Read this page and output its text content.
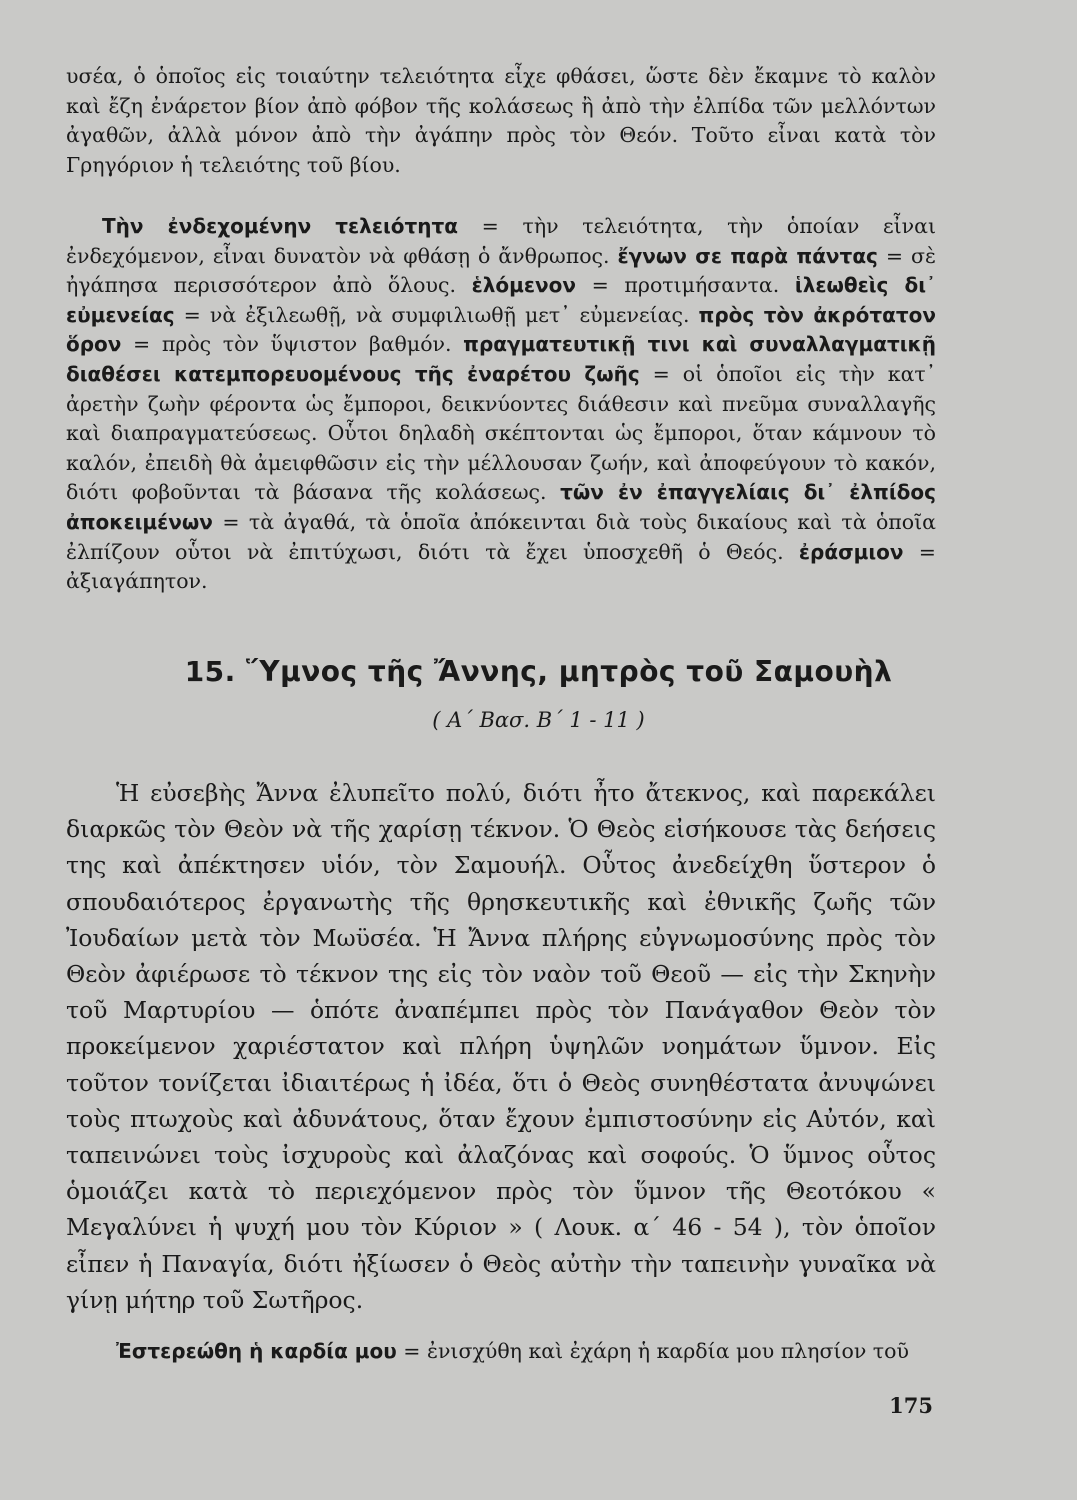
υσέα, ὁ ὁποῖος εἰς τοιαύτην τελειότητα εἶχε φθάσει, ὥστε δὲν ἔκαμνε τὸ καλὸν καὶ ἔζη ἐνάρετον βίον ἀπὸ φόβον τῆς κολάσεως ἢ ἀπὸ τὴν ἐλπίδα τῶν μελλόντων ἀγαθῶν, ἀλλὰ μόνον ἀπὸ τὴν ἀγάπην πρὸς τὸν Θεόν. Τοῦτο εἶναι κατὰ τὸν Γρηγόριον ἡ τελειότης τοῦ βίου.

Τὴν ἐνδεχομένην τελειότητα = τὴν τελειότητα, τὴν ὁποίαν εἶναι ἐνδεχόμενον, εἶναι δυνατὸν νὰ φθάσῃ ὁ ἄνθρωπος. ἔγνων σε παρὰ πάντας = σὲ ἠγάπησα περισσότερον ἀπὸ ὅλους. ἑλόμενον = προτιμήσαντα. ἱλεωθεὶς δι᾿ εὐμενείας = νὰ ἐξιλεωθῇ, νὰ συμφιλιωθῇ μετ᾿ εὐμενείας. πρὸς τὸν ἀκρότατον ὅρον = πρὸς τὸν ὕψιστον βαθμόν. πραγματευτικῇ τινι καὶ συναλλαγματικῇ διαθέσει κατεμπορευομένους τῆς ἐναρέτου ζωῆς = οἱ ὁποῖοι εἰς τὴν κατ᾿ ἀρετὴν ζωὴν φέροντα ὡς ἔμποροι, δεικνύοντες διάθεσιν καὶ πνεῦμα συναλλαγῆς καὶ διαπραγματεύσεως. Οὗτοι δηλαδὴ σκέπτονται ὡς ἔμποροι, ὅταν κάμνουν τὸ καλόν, ἐπειδὴ θὰ ἀμειφθῶσιν εἰς τὴν μέλλουσαν ζωήν, καὶ ἀποφεύγουν τὸ κακόν, διότι φοβοῦνται τὰ βάσανα τῆς κολάσεως. τῶν ἐν ἐπαγγελίαις δι᾿ ἐλπίδος ἀποκειμένων = τὰ ἀγαθά, τὰ ὁποῖα ἀπόκεινται διὰ τοὺς δικαίους καὶ τὰ ὁποῖα ἐλπίζουν οὗτοι νὰ ἐπιτύχωσι, διότι τὰ ἔχει ὑποσχεθῆ ὁ Θεός. ἐράσμιον = ἀξιαγάπητον.

15. Ὕμνος τῆς Ἄννης, μητρὸς τοῦ Σαμουὴλ

( Α΄ Βασ. Β΄ 1 - 11 )

Ἡ εὐσεβὴς Ἄννα ἐλυπεῖτο πολύ, διότι ἦτο ἄτεκνος, καὶ παρεκάλει διαρκῶς τὸν Θεὸν νὰ τῆς χαρίσῃ τέκνον. Ὁ Θεὸς εἰσήκουσε τὰς δεήσεις της καὶ ἀπέκτησεν υἱόν, τὸν Σαμουήλ. Οὗτος ἀνεδείχθη ὕστερον ὁ σπουδαιότερος ἐργανωτὴς τῆς θρησκευτικῆς καὶ ἐθνικῆς ζωῆς τῶν Ἰουδαίων μετὰ τὸν Μωϋσέα. Ἡ Ἄννα πλήρης εὐγνωμοσύνης πρὸς τὸν Θεὸν ἀφιέρωσε τὸ τέκνον της εἰς τὸν ναὸν τοῦ Θεοῦ — εἰς τὴν Σκηνὴν τοῦ Μαρτυρίου — ὁπότε ἀναπέμπει πρὸς τὸν Πανάγαθον Θεὸν τὸν προκείμενον χαριέστατον καὶ πλήρη ὑψηλῶν νοημάτων ὕμνον. Εἰς τοῦτον τονίζεται ἰδιαιτέρως ἡ ἰδέα, ὅτι ὁ Θεὸς συνηθέστατα ἀνυψώνει τοὺς πτωχοὺς καὶ ἀδυνάτους, ὅταν ἔχουν ἐμπιστοσύνην εἰς Αὐτόν, καὶ ταπεινώνει τοὺς ἰσχυροὺς καὶ ἀλαζόνας καὶ σοφούς. Ὁ ὕμνος οὗτος ὁμοιάζει κατὰ τὸ περιεχόμενον πρὸς τὸν ὕμνον τῆς Θεοτόκου « Μεγαλύνει ἡ ψυχή μου τὸν Κύριον » ( Λουκ. α΄ 46 - 54 ), τὸν ὁποῖον εἶπεν ἡ Παναγία, διότι ἠξίωσεν ὁ Θεὸς αὐτὴν τὴν ταπεινὴν γυναῖκα νὰ γίνῃ μήτηρ τοῦ Σωτῆρος.

Ἐστερεώθη ἡ καρδία μου = ἐνισχύθη καὶ ἐχάρη ἡ καρδία μου πλησίον τοῦ

175
